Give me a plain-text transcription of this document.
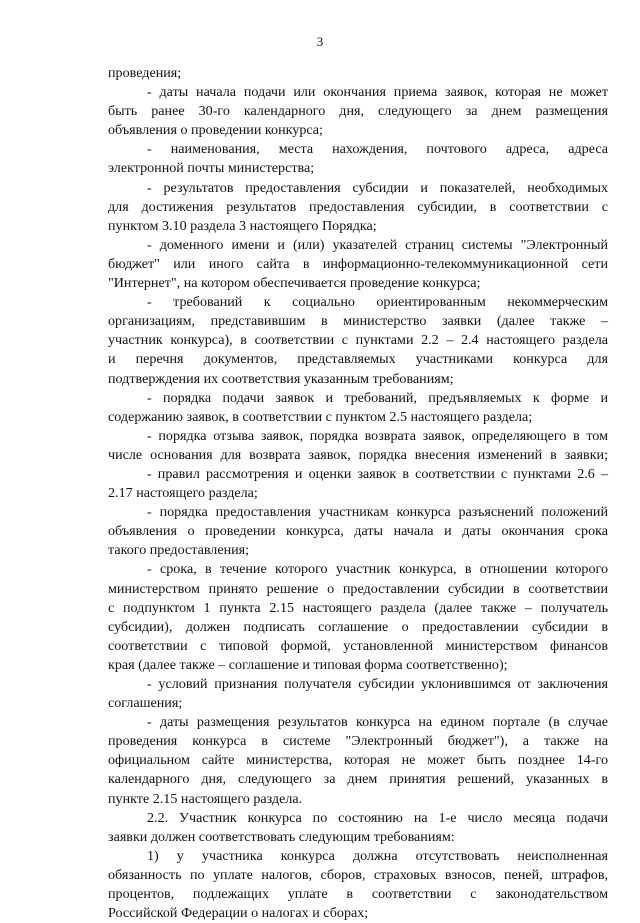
3
проведения;
- даты начала подачи или окончания приема заявок, которая не может
быть ранее 30-го календарного дня, следующего за днем размещения
объявления о проведении конкурса;
- наименования, места нахождения, почтового адреса, адреса
электронной почты министерства;
- результатов предоставления субсидии и показателей, необходимых
для достижения результатов предоставления субсидии, в соответствии с
пунктом 3.10 раздела 3 настоящего Порядка;
- доменного имени и (или) указателей страниц системы "Электронный
бюджет" или иного сайта в информационно-телекоммуникационной сети
"Интернет", на котором обеспечивается проведение конкурса;
- требований к социально ориентированным некоммерческим
организациям, представившим в министерство заявки (далее также –
участник конкурса), в соответствии с пунктами 2.2 – 2.4 настоящего раздела
и перечня документов, представляемых участниками конкурса для
подтверждения их соответствия указанным требованиям;
- порядка подачи заявок и требований, предъявляемых к форме и
содержанию заявок, в соответствии с пунктом 2.5 настоящего раздела;
- порядка отзыва заявок, порядка возврата заявок, определяющего в том
числе основания для возврата заявок, порядка внесения изменений в заявки;
- правил рассмотрения и оценки заявок в соответствии с пунктами 2.6 –
2.17 настоящего раздела;
- порядка предоставления участникам конкурса разъяснений положений
объявления о проведении конкурса, даты начала и даты окончания срока
такого предоставления;
- срока, в течение которого участник конкурса, в отношении которого
министерством принято решение о предоставлении субсидии в соответствии
с подпунктом 1 пункта 2.15 настоящего раздела (далее также – получатель
субсидии), должен подписать соглашение о предоставлении субсидии в
соответствии с типовой формой, установленной министерством финансов
края (далее также – соглашение и типовая форма соответственно);
- условий признания получателя субсидии уклонившимся от заключения
соглашения;
- даты размещения результатов конкурса на едином портале (в случае
проведения конкурса в системе "Электронный бюджет"), а также на
официальном сайте министерства, которая не может быть позднее 14-го
календарного дня, следующего за днем принятия решений, указанных в
пункте 2.15 настоящего раздела.
2.2. Участник конкурса по состоянию на 1-е число месяца подачи
заявки должен соответствовать следующим требованиям:
1) у участника конкурса должна отсутствовать неисполненная
обязанность по уплате налогов, сборов, страховых взносов, пеней, штрафов,
процентов, подлежащих уплате в соответствии с законодательством
Российской Федерации о налогах и сборах;
